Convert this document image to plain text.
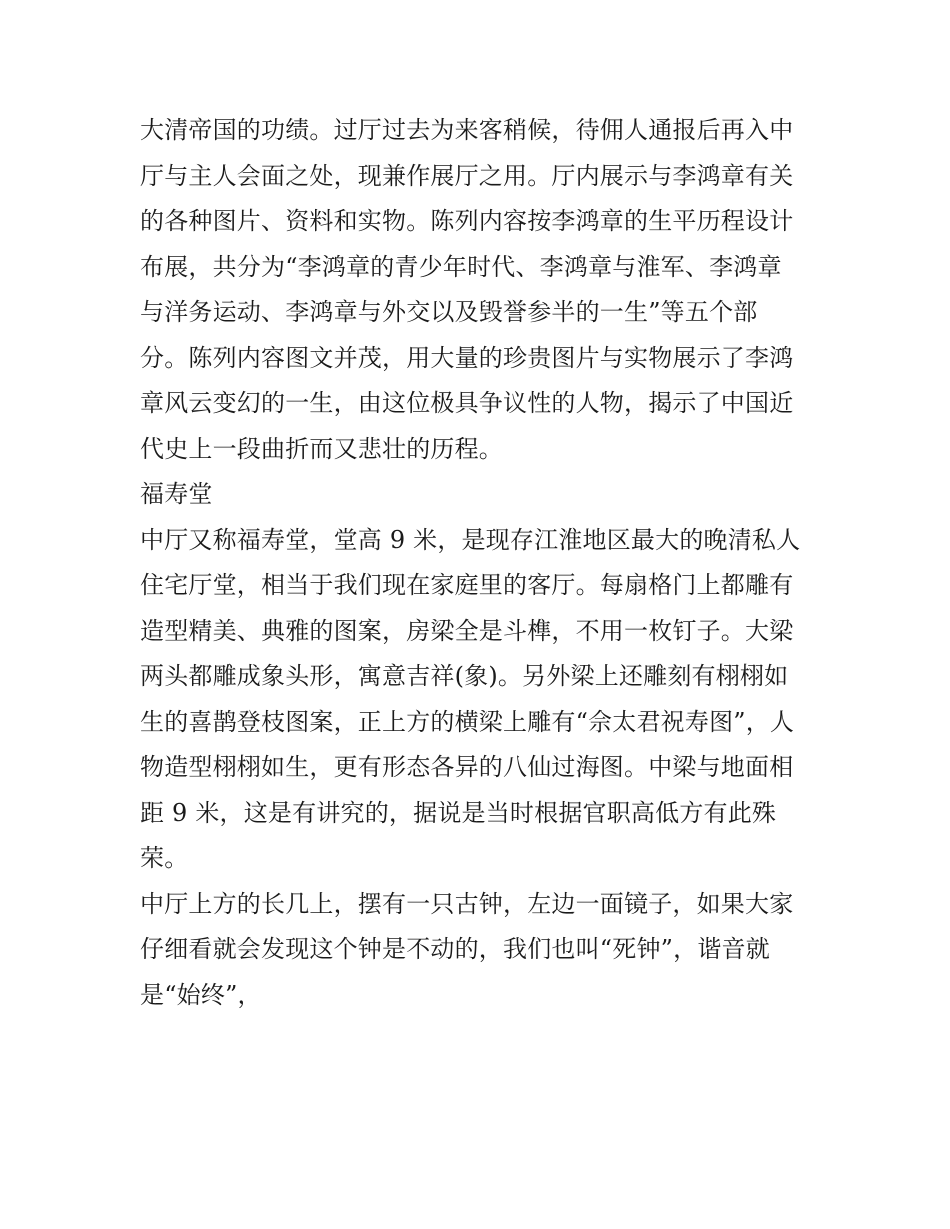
大清帝国的功绩。过厅过去为来客稍候，待佣人通报后再入中
厅与主人会面之处，现兼作展厅之用。厅内展示与李鸿章有关
的各种图片、资料和实物。陈列内容按李鸿章的生平历程设计
布展，共分为“李鸿章的青少年时代、李鸿章与淮军、李鸿章
与洋务运动、李鸿章与外交以及毁誉参半的一生”等五个部
分。陈列内容图文并茂，用大量的珍贵图片与实物展示了李鸿
章风云变幻的一生，由这位极具争议性的人物，揭示了中国近
代史上一段曲折而又悲壮的历程。
福寿堂
中厅又称福寿堂，堂高 9 米，是现存江淮地区最大的晚清私人
住宅厅堂，相当于我们现在家庭里的客厅。每扇格门上都雕有
造型精美、典雅的图案，房梁全是斗榫，不用一枚钉子。大梁
两头都雕成象头形，寓意吉祥(象)。另外梁上还雕刻有栩栩如
生的喜鹊登枝图案，正上方的横梁上雕有“佘太君祝寿图”，人
物造型栩栩如生，更有形态各异的八仙过海图。中梁与地面相
距 9 米，这是有讲究的，据说是当时根据官职高低方有此殊
荣。
中厅上方的长几上，摆有一只古钟，左边一面镜子，如果大家
仔细看就会发现这个钟是不动的，我们也叫“死钟”，谐音就
是“始终”，
